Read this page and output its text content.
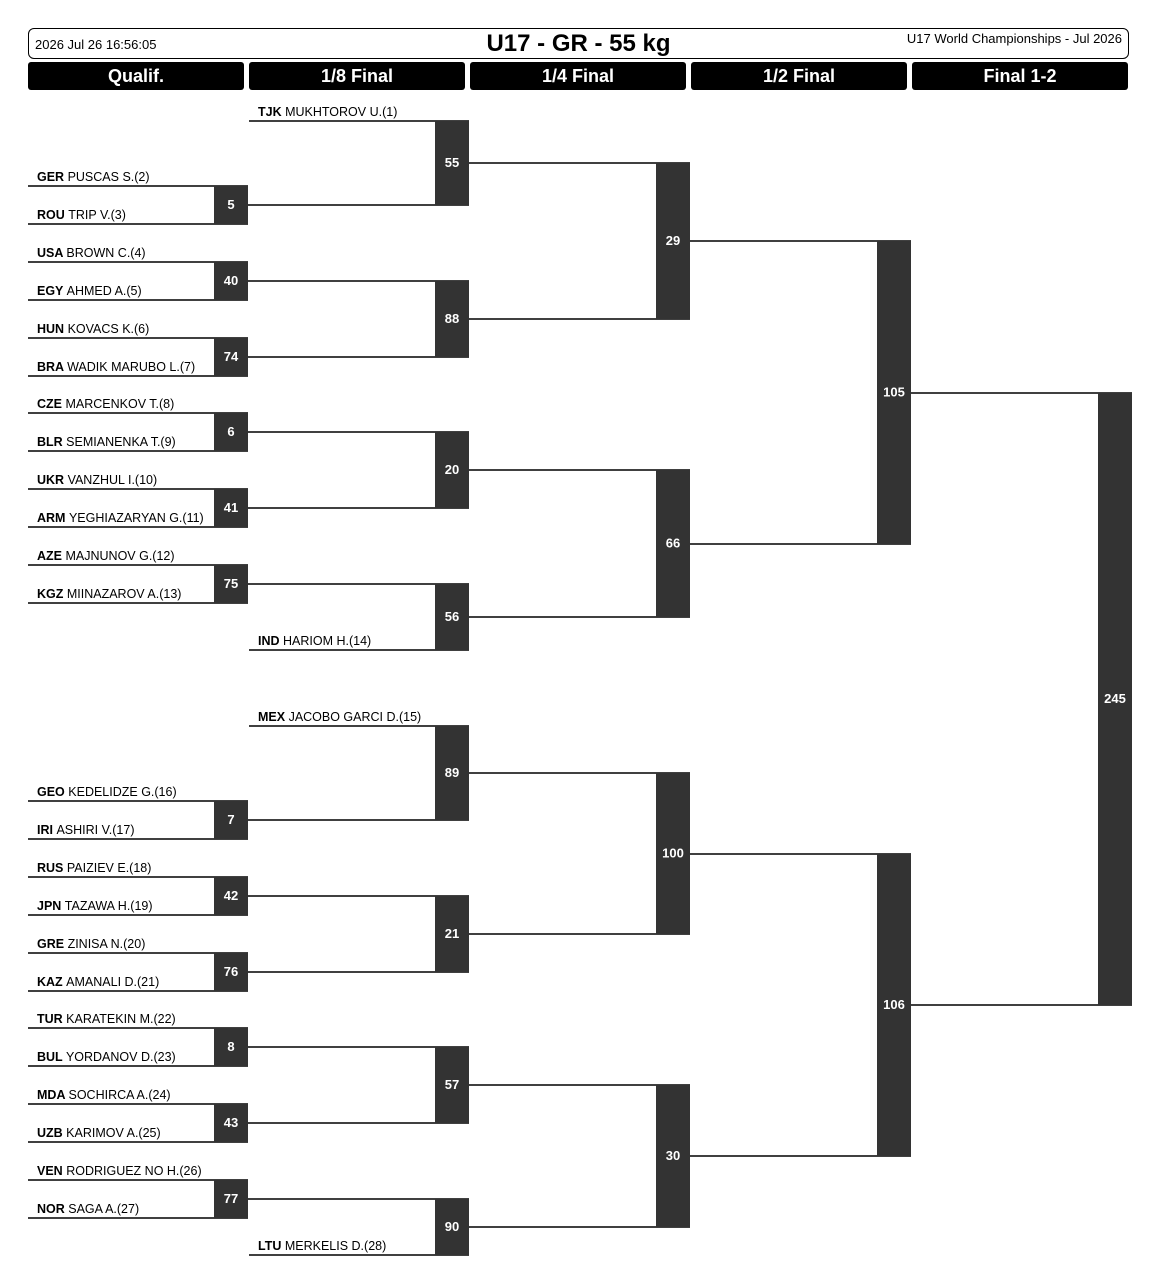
2026 Jul 26 16:56:05	U17 - GR - 55 kg	U17 World Championships - Jul 2026
Qualif.	1/8 Final	1/4 Final	1/2 Final	Final 1-2
GER PUSCAS S.(2)
ROU TRIP V.(3)
5
USA BROWN C.(4)
EGY AHMED A.(5)
40
HUN KOVACS K.(6)
BRA WADIK MARUBO L.(7)
74
CZE MARCENKOV T.(8)
BLR SEMIANENKA T.(9)
6
UKR VANZHUL I.(10)
ARM YEGHIAZARYAN G.(11)
41
AZE MAJNUNOV G.(12)
KGZ MIINAZAROV A.(13)
75
GEO KEDELIDZE G.(16)
IRI ASHIRI V.(17)
7
RUS PAIZIEV E.(18)
JPN TAZAWA H.(19)
42
GRE ZINISA N.(20)
KAZ AMANALI D.(21)
76
TUR KARATEKIN M.(22)
BUL YORDANOV D.(23)
8
MDA SOCHIRCA A.(24)
UZB KARIMOV A.(25)
43
VEN RODRIGUEZ NO H.(26)
NOR SAGA A.(27)
77
TJK MUKHTOROV U.(1)
IND HARIOM H.(14)
MEX JACOBO GARCI D.(15)
LTU MERKELIS D.(28)
55
88
20
56
89
21
57
90
29
66
100
30
105
106
245
